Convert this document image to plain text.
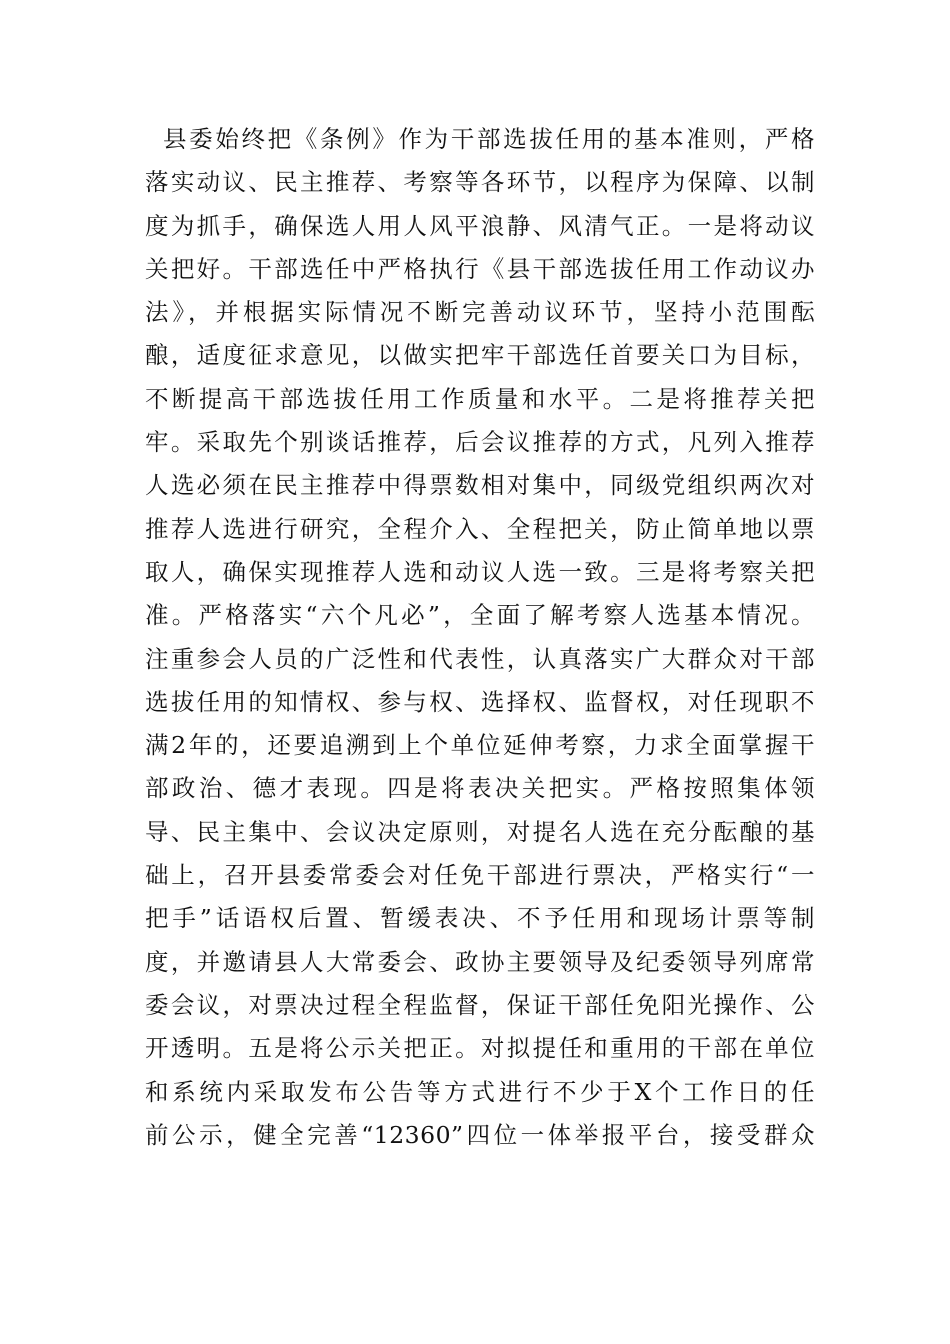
县委始终把《条例》作为干部选拔任用的基本准则，严格
落实动议、民主推荐、考察等各环节，以程序为保障、以制
度为抓手，确保选人用人风平浪静、风清气正。一是将动议
关把好。干部选任中严格执行《县干部选拔任用工作动议办
法》，并根据实际情况不断完善动议环节，坚持小范围酝
酿，适度征求意见，以做实把牢干部选任首要关口为目标，
不断提高干部选拔任用工作质量和水平。二是将推荐关把
牢。采取先个别谈话推荐，后会议推荐的方式，凡列入推荐
人选必须在民主推荐中得票数相对集中，同级党组织两次对
推荐人选进行研究，全程介入、全程把关，防止简单地以票
取人，确保实现推荐人选和动议人选一致。三是将考察关把
准。严格落实“六个凡必”，全面了解考察人选基本情况。
注重参会人员的广泛性和代表性，认真落实广大群众对干部
选拔任用的知情权、参与权、选择权、监督权，对任现职不
满2年的，还要追溯到上个单位延伸考察，力求全面掌握干
部政治、德才表现。四是将表决关把实。严格按照集体领
导、民主集中、会议决定原则，对提名人选在充分酝酿的基
础上，召开县委常委会对任免干部进行票决，严格实行“一
把手”话语权后置、暂缓表决、不予任用和现场计票等制
度，并邀请县人大常委会、政协主要领导及纪委领导列席常
委会议，对票决过程全程监督，保证干部任免阳光操作、公
开透明。五是将公示关把正。对拟提任和重用的干部在单位
和系统内采取发布公告等方式进行不少于X个工作日的任
前公示，健全完善“12360”四位一体举报平台，接受群众
